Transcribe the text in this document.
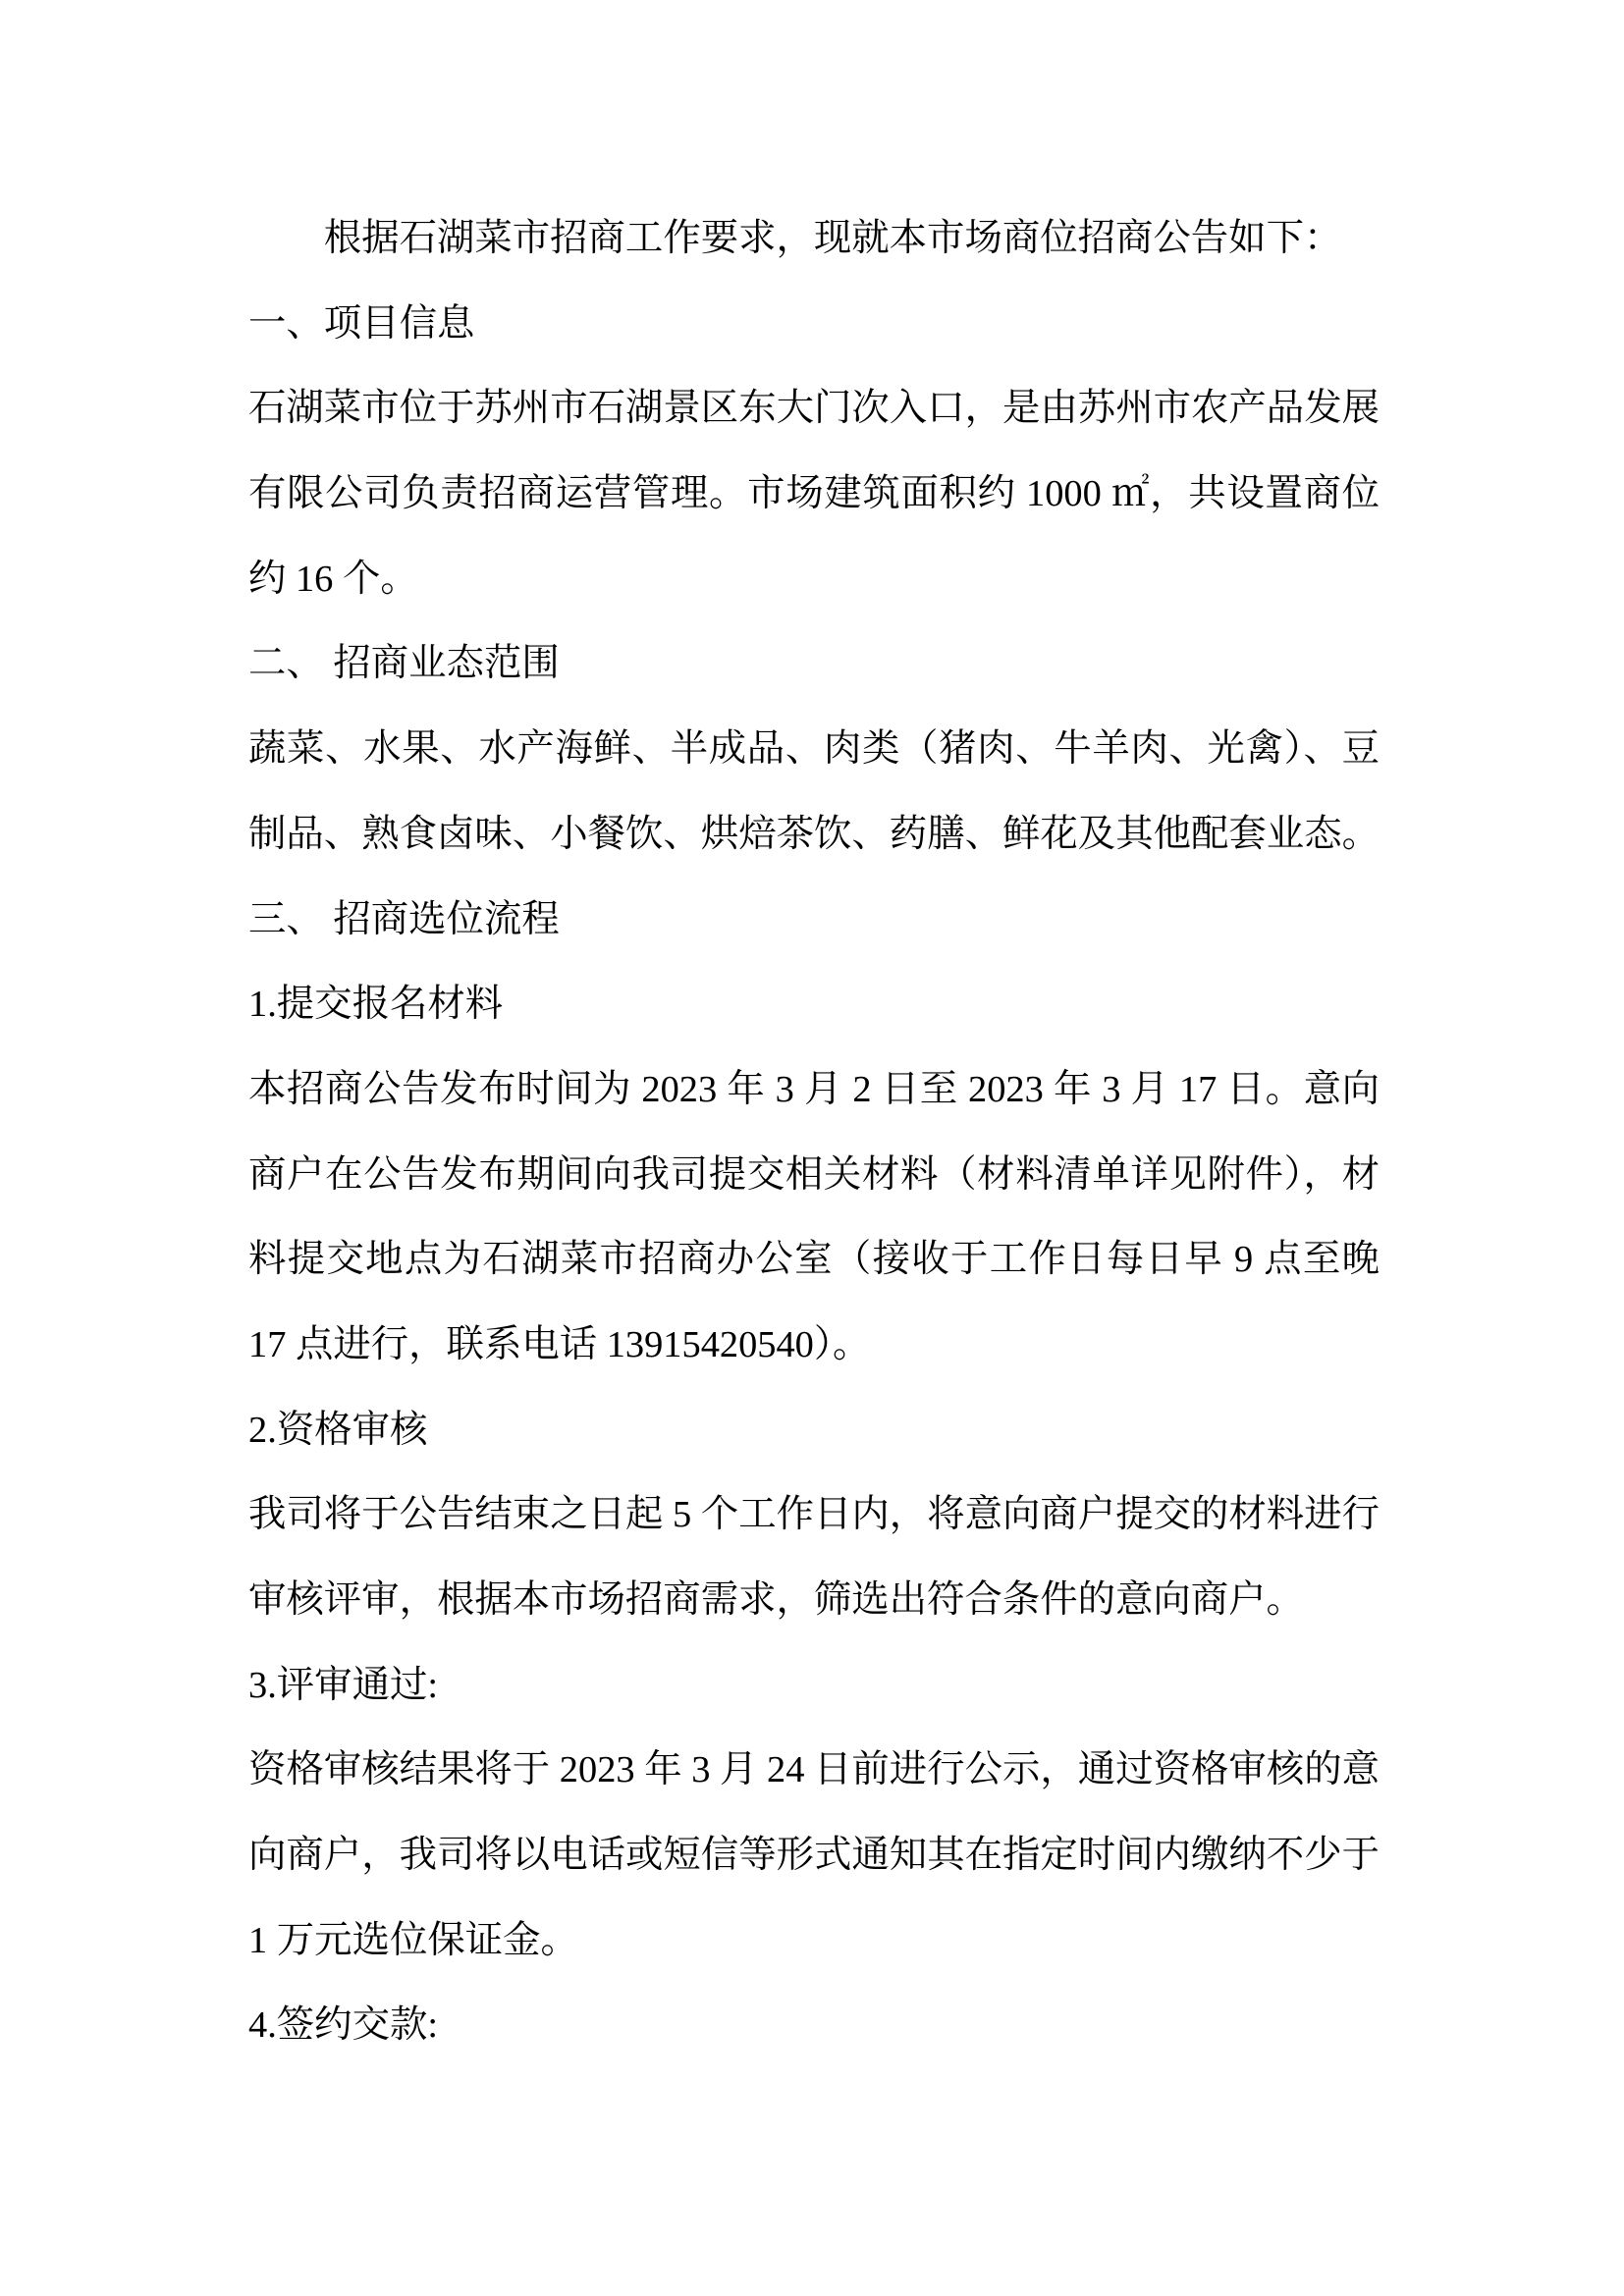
根据石湖菜市招商工作要求，现就本市场商位招商公告如下：
一、项目信息
石湖菜市位于苏州市石湖景区东大门次入口，是由苏州市农产品发展
有限公司负责招商运营管理。市场建筑面积约 1000 ㎡，共设置商位
约 16 个。
二、 招商业态范围
蔬菜、水果、水产海鲜、半成品、肉类（猪肉、牛羊肉、光禽）、豆
制品、熟食卤味、小餐饮、烘焙茶饮、药膳、鲜花及其他配套业态。
三、 招商选位流程
1.提交报名材料
本招商公告发布时间为 2023 年 3 月 2 日至 2023 年 3 月 17 日。意向
商户在公告发布期间向我司提交相关材料（材料清单详见附件），材
料提交地点为石湖菜市招商办公室（接收于工作日每日早 9 点至晚
17 点进行，联系电话 13915420540）。
2.资格审核
我司将于公告结束之日起 5 个工作日内，将意向商户提交的材料进行
审核评审，根据本市场招商需求，筛选出符合条件的意向商户。
3.评审通过:
资格审核结果将于 2023 年 3 月 24 日前进行公示，通过资格审核的意
向商户，我司将以电话或短信等形式通知其在指定时间内缴纳不少于
1 万元选位保证金。
4.签约交款:
